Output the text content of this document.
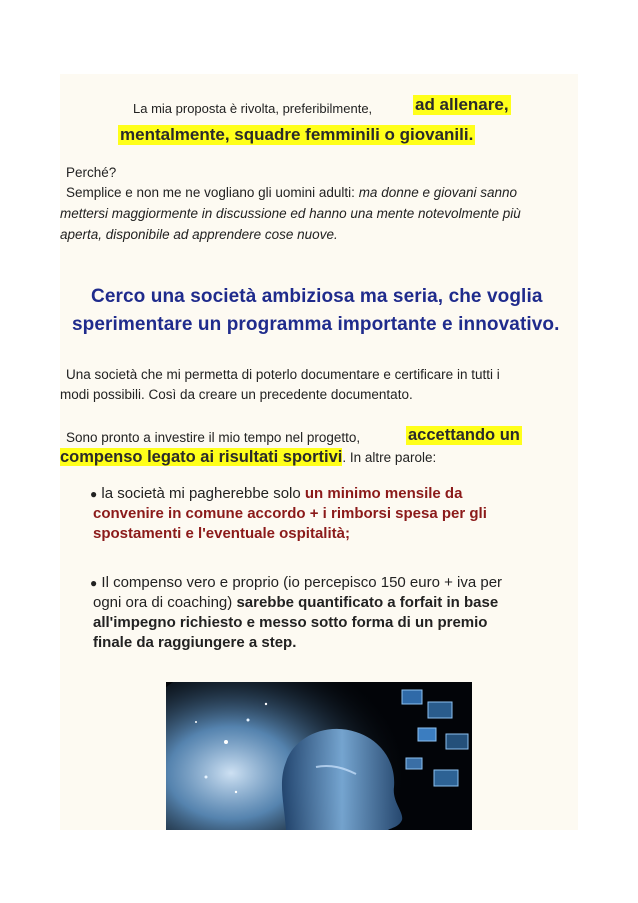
La mia proposta è rivolta, preferibilmente,	ad allenare,
mentalmente, squadre femminili o giovanili.
Perché?
Semplice e non me ne vogliano gli uomini adulti: ma donne e giovani sanno
mettersi maggiormente in discussione ed hanno una mente notevolmente più
aperta, disponibile ad apprendere cose nuove.
Cerco una società ambiziosa ma seria, che voglia
sperimentare un programma importante e innovativo.
Una società che mi permetta di poterlo documentare e certificare in tutti i
modi possibili. Così da creare un precedente documentato.
Sono pronto a investire il mio tempo nel progetto,	accettando un
compenso legato ai risultati sportivi. In altre parole:
● la società mi pagherebbe solo un minimo mensile da
convenire in comune accordo + i rimborsi spesa per gli
spostamenti e l'eventuale ospitalità;
● Il compenso vero e proprio (io percepisco 150 euro + iva per
ogni ora di coaching) sarebbe quantificato a forfait in base
all'impegno richiesto e messo sotto forma di un premio
finale da raggiungere a step.
